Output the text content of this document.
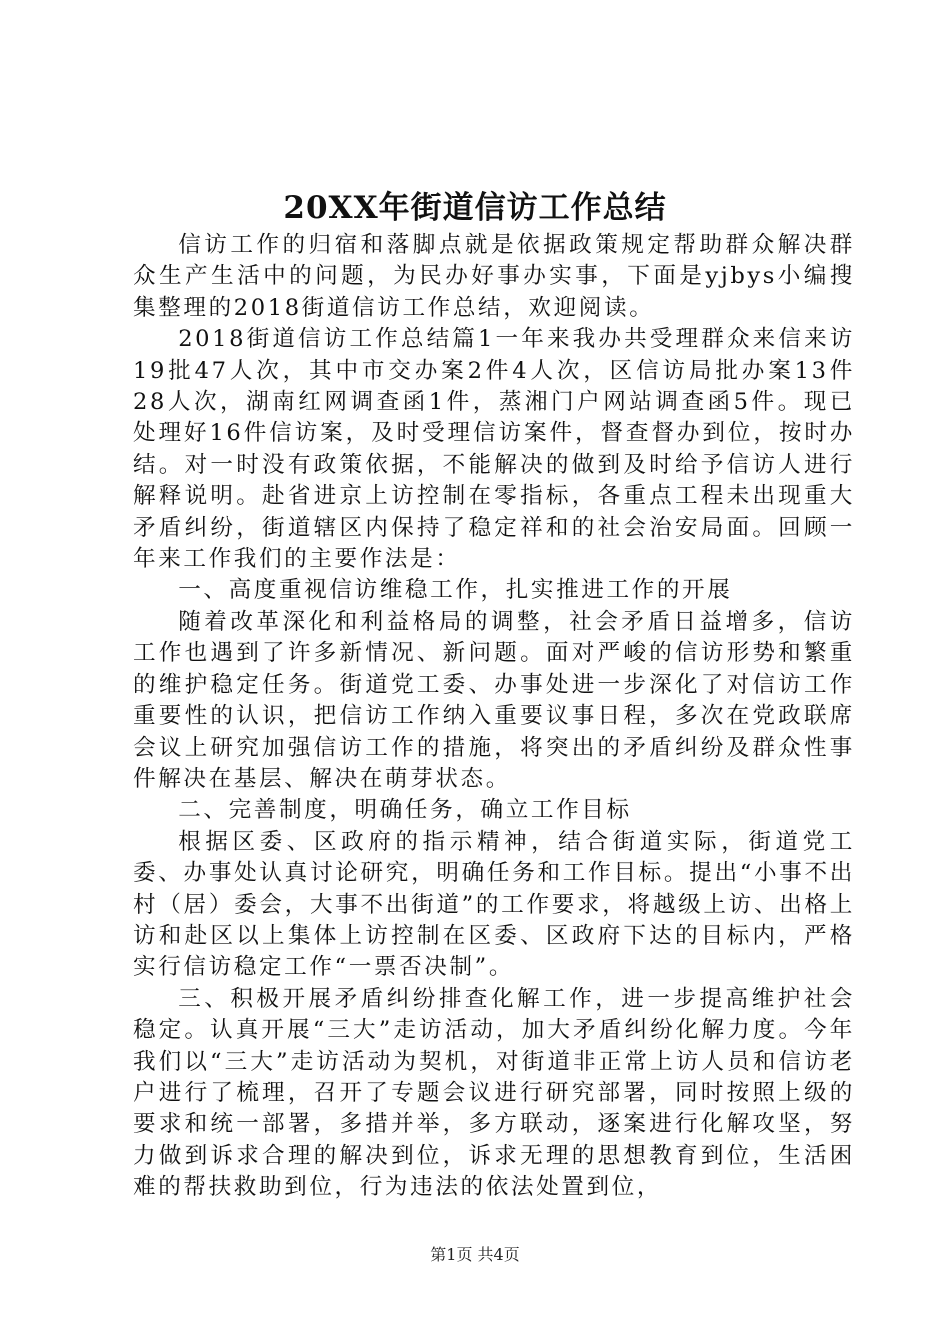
20XX年街道信访工作总结

信访工作的归宿和落脚点就是依据政策规定帮助群众解决群众生产生活中的问题，为民办好事办实事，下面是yjbys小编搜集整理的2018街道信访工作总结，欢迎阅读。

2018街道信访工作总结篇1一年来我办共受理群众来信来访19批47人次，其中市交办案2件4人次，区信访局批办案13件28人次，湖南红网调查函1件，蒸湘门户网站调查函5件。现已处理好16件信访案，及时受理信访案件，督查督办到位，按时办结。对一时没有政策依据，不能解决的做到及时给予信访人进行解释说明。赴省进京上访控制在零指标，各重点工程未出现重大矛盾纠纷，街道辖区内保持了稳定祥和的社会治安局面。回顾一年来工作我们的主要作法是：

一、高度重视信访维稳工作，扎实推进工作的开展

随着改革深化和利益格局的调整，社会矛盾日益增多，信访工作也遇到了许多新情况、新问题。面对严峻的信访形势和繁重的维护稳定任务。街道党工委、办事处进一步深化了对信访工作重要性的认识，把信访工作纳入重要议事日程，多次在党政联席会议上研究加强信访工作的措施，将突出的矛盾纠纷及群众性事件解决在基层、解决在萌芽状态。

二、完善制度，明确任务，确立工作目标

根据区委、区政府的指示精神，结合街道实际，街道党工委、办事处认真讨论研究，明确任务和工作目标。提出“小事不出村（居）委会，大事不出街道”的工作要求，将越级上访、出格上访和赴区以上集体上访控制在区委、区政府下达的目标内，严格实行信访稳定工作“一票否决制”。

三、积极开展矛盾纠纷排查化解工作，进一步提高维护社会稳定。认真开展“三大”走访活动，加大矛盾纠纷化解力度。今年我们以“三大”走访活动为契机，对街道非正常上访人员和信访老户进行了梳理，召开了专题会议进行研究部署，同时按照上级的要求和统一部署，多措并举，多方联动，逐案进行化解攻坚，努力做到诉求合理的解决到位，诉求无理的思想教育到位，生活困难的帮扶救助到位，行为违法的依法处置到位，

第1页 共4页
